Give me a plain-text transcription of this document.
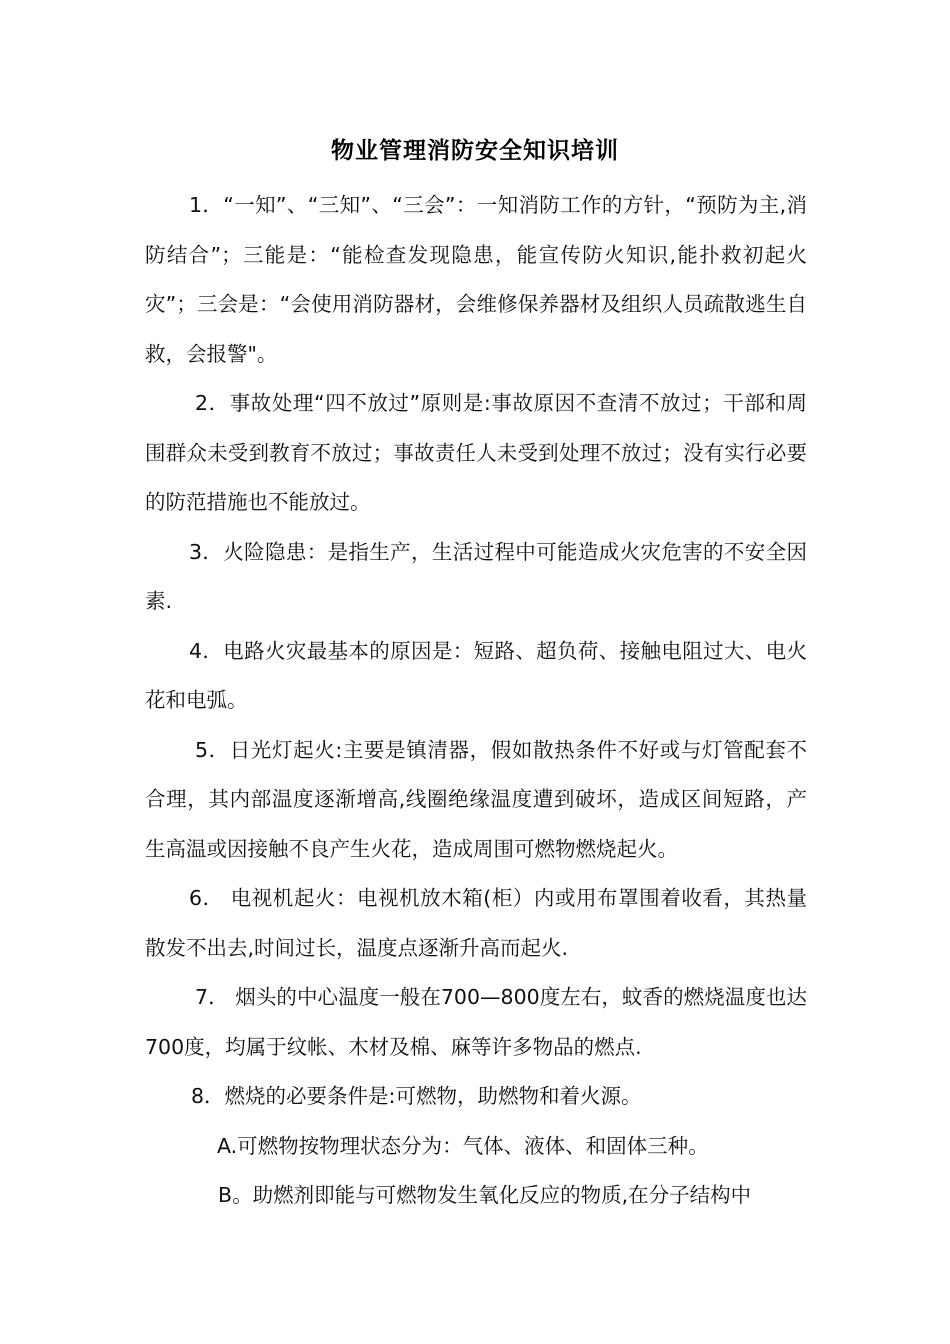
物业管理消防安全知识培训

1．“一知”、“三知”、“三会”：一知消防工作的方针，“预防为主,消防结合”；三能是：“能检查发现隐患，能宣传防火知识,能扑救初起火灾”；三会是：“会使用消防器材，会维修保养器材及组织人员疏散逃生自救，会报警"。

2．事故处理“四不放过”原则是:事故原因不查清不放过；干部和周围群众未受到教育不放过；事故责任人未受到处理不放过；没有实行必要的防范措施也不能放过。

3．火险隐患：是指生产，生活过程中可能造成火灾危害的不安全因素.

4．电路火灾最基本的原因是：短路、超负荷、接触电阻过大、电火花和电弧。

5．日光灯起火:主要是镇清器，假如散热条件不好或与灯管配套不合理，其内部温度逐渐增高,线圈绝缘温度遭到破坏，造成区间短路，产生高温或因接触不良产生火花，造成周围可燃物燃烧起火。

6． 电视机起火：电视机放木箱(柜）内或用布罩围着收看，其热量散发不出去,时间过长，温度点逐渐升高而起火.

7． 烟头的中心温度一般在700—800度左右，蚊香的燃烧温度也达700度，均属于纹帐、木材及棉、麻等许多物品的燃点.

8．燃烧的必要条件是:可燃物，助燃物和着火源。

A.可燃物按物理状态分为：气体、液体、和固体三种。

B。助燃剂即能与可燃物发生氧化反应的物质,在分子结构中
